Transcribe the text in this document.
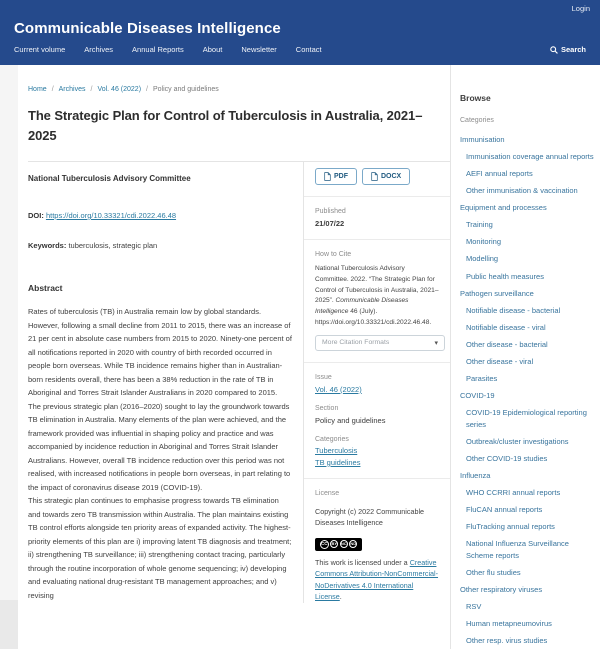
Login
Communicable Diseases Intelligence
Current volume	Archives	Annual Reports	About	Newsletter	Contact	Search
Home / Archives / Vol. 46 (2022) / Policy and guidelines
The Strategic Plan for Control of Tuberculosis in Australia, 2021–2025
National Tuberculosis Advisory Committee
DOI: https://doi.org/10.33321/cdi.2022.46.48
Keywords: tuberculosis, strategic plan
Abstract

Rates of tuberculosis (TB) in Australia remain low by global standards. However, following a small decline from 2011 to 2015, there was an increase of 21 per cent in absolute case numbers from 2015 to 2020. Ninety-one percent of all notifications reported in 2020 with country of birth recorded occurred in people born overseas. While TB incidence remains higher than in Australian-born residents overall, there has been a 38% reduction in the rate of TB in Aboriginal and Torres Strait Islander Australians in 2020 compared to 2015.

The previous strategic plan (2016–2020) sought to lay the groundwork towards TB elimination in Australia. Many elements of the plan were achieved, and the framework provided was influential in shaping policy and practice and was accompanied by incidence reduction in Aboriginal and Torres Strait Islander Australians. However, overall TB incidence reduction over this period was not realised, with increased notifications in people born overseas, in part relating to the impact of coronavirus disease 2019 (COVID-19).

This strategic plan continues to emphasise progress towards TB elimination and towards zero TB transmission within Australia. The plan maintains existing TB control efforts alongside ten priority areas of expanded activity. The highest-priority elements of this plan are i) improving latent TB diagnosis and treatment; ii) strengthening TB surveillance; iii) strengthening contact tracing, particularly through the routine incorporation of whole genome sequencing; iv) developing and evaluating national drug-resistant TB management approaches; and v) revising

PDF	DOCX
Published
21/07/22
How to Cite
National Tuberculosis Advisory Committee. 2022. “The Strategic Plan for Control of Tuberculosis in Australia, 2021–2025”. Communicable Diseases Intelligence 46 (July). https://doi.org/10.33321/cdi.2022.46.48.
More Citation Formats	▾
Issue
Vol. 46 (2022)
Section
Policy and guidelines
Categories
Tuberculosis
TB guidelines
License
Copyright (c) 2022 Communicable Diseases Intelligence
CC BY NC ND
This work is licensed under a Creative Commons Attribution-NonCommercial-NoDerivatives 4.0 International License.
Browse
Categories
Immunisation
Immunisation coverage annual reports
AEFI annual reports
Other immunisation & vaccination
Equipment and processes
Training
Monitoring
Modelling
Public health measures
Pathogen surveillance
Notifiable disease - bacterial
Notifiable disease - viral
Other disease - bacterial
Other disease - viral
Parasites
COVID-19
COVID-19 Epidemiological reporting series
Outbreak/cluster investigations
Other COVID-19 studies
Influenza
WHO CCRRI annual reports
FluCAN annual reports
FluTracking annual reports
National Influenza Surveillance Scheme reports
Other flu studies
Other respiratory viruses
RSV
Human metapneumovirus
Other resp. virus studies
